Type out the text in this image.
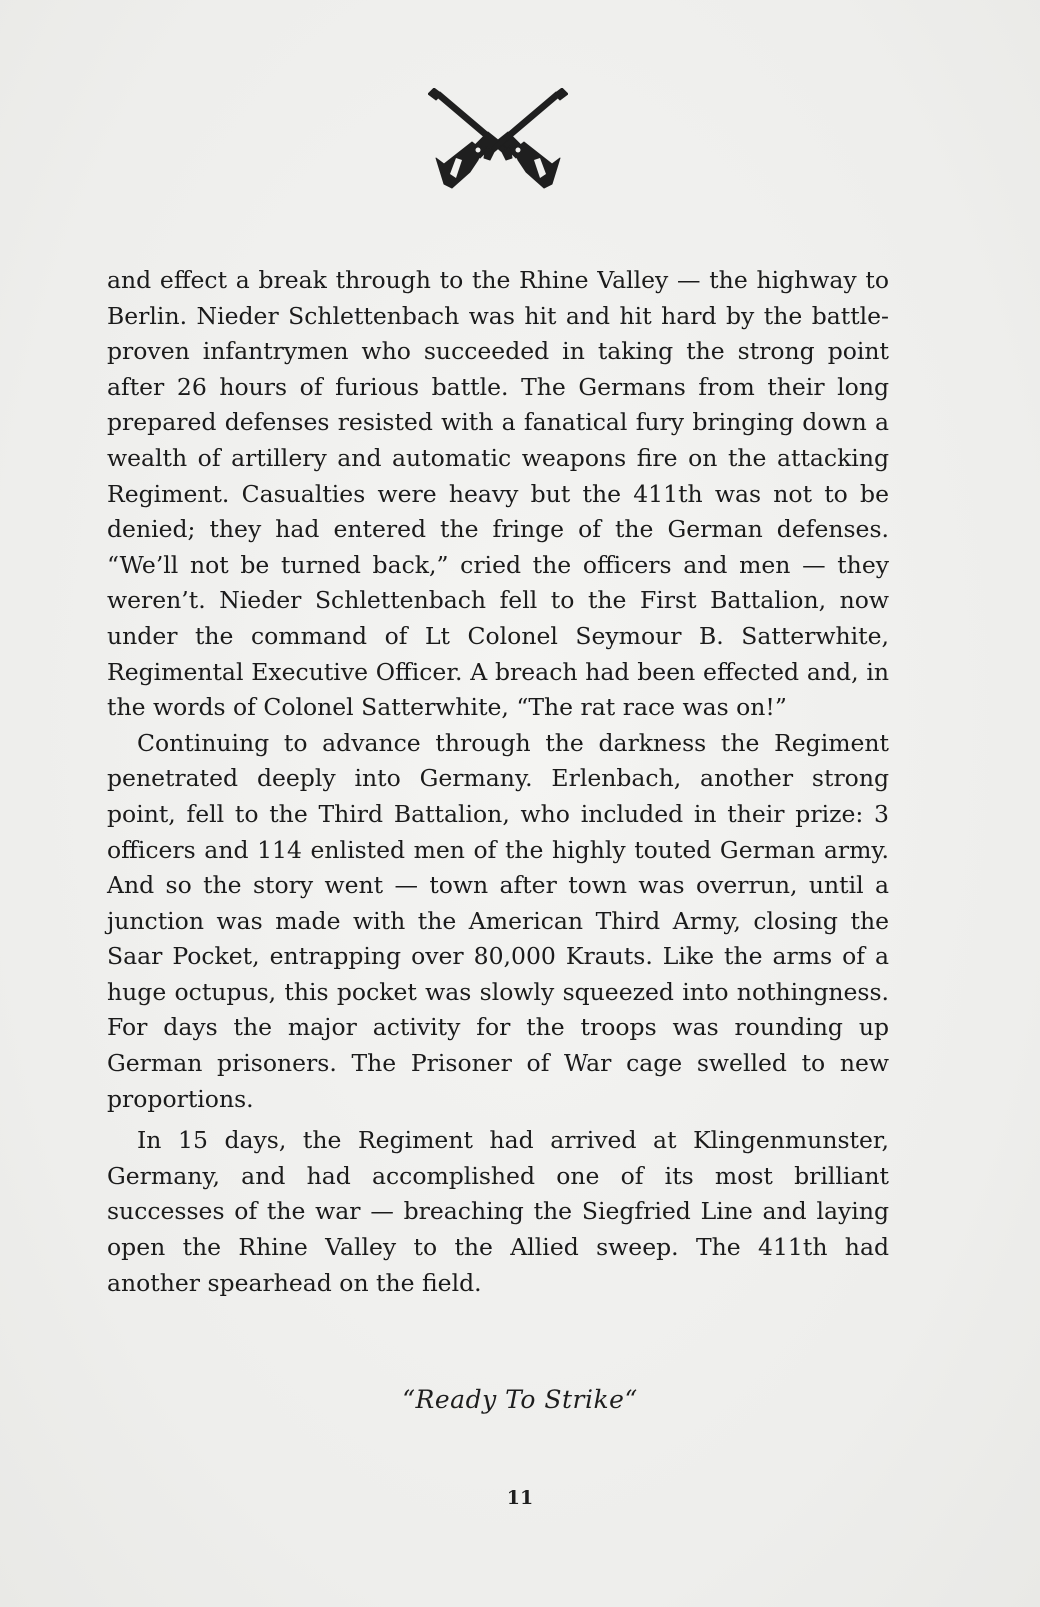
and effect a break through to the Rhine Valley — the highway to Berlin. Nieder Schlettenbach was hit and hit hard by the battle-proven infantrymen who succeeded in taking the strong point after 26 hours of furious battle. The Germans from their long prepared defenses resisted with a fanatical fury bringing down a wealth of artillery and automatic weapons fire on the attacking Regiment. Casualties were heavy but the 411th was not to be denied; they had entered the fringe of the German defenses. “We’ll not be turned back,” cried the officers and men — they weren’t. Nieder Schlettenbach fell to the First Battalion, now under the command of Lt Colonel Seymour B. Satterwhite, Regimental Executive Officer. A breach had been effected and, in the words of Colonel Satterwhite, “The rat race was on!”

Continuing to advance through the darkness the Regiment penetrated deeply into Germany. Erlenbach, another strong point, fell to the Third Battalion, who included in their prize: 3 officers and 114 enlisted men of the highly touted German army. And so the story went — town after town was overrun, until a junction was made with the American Third Army, closing the Saar Pocket, entrapping over 80,000 Krauts. Like the arms of a huge octupus, this pocket was slowly squeezed into nothingness. For days the major activity for the troops was rounding up German prisoners. The Prisoner of War cage swelled to new proportions.

In 15 days, the Regiment had arrived at Klingenmunster, Germany, and had accomplished one of its most brilliant successes of the war — breaching the Siegfried Line and laying open the Rhine Valley to the Allied sweep. The 411th had another spearhead on the field.

“Ready To Strike“
11
